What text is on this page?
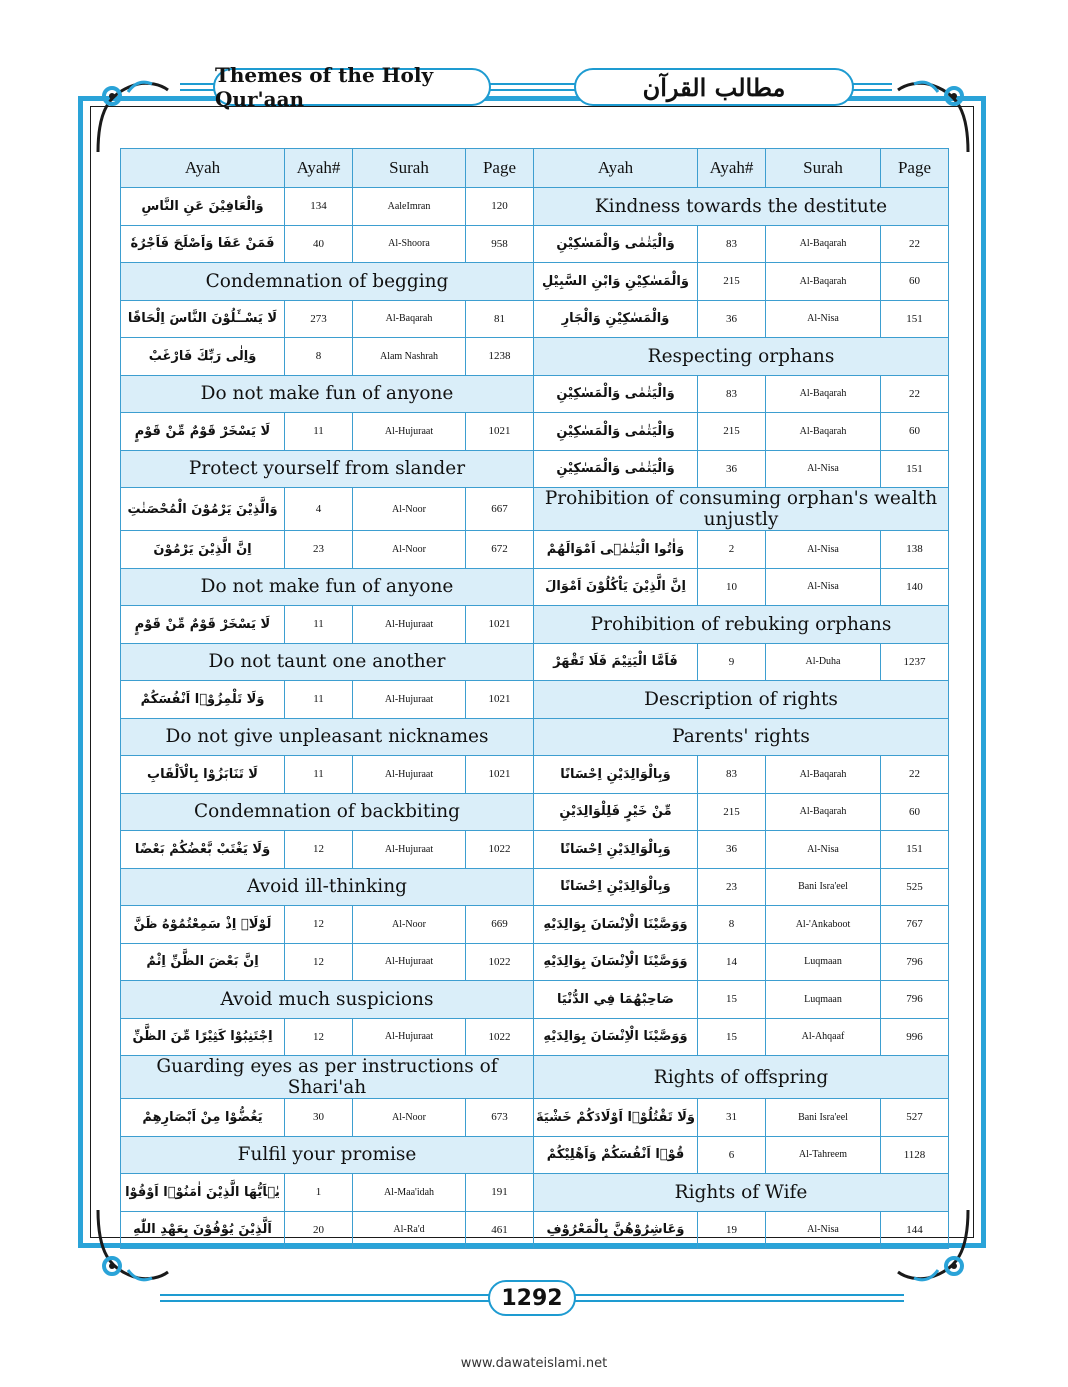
Themes of the Holy Qur'aan	مطالب القرآن
Ayah	Ayah#	Surah	Page	Ayah	Ayah#	Surah	Page
وَالْعَافِيْنَ عَنِ النَّاسِ	134	AaleImran	120	Kindness towards the destitute			
فَمَنْ عَفَا وَاَصْلَحَ فَاَجْرُهٗ	40	Al-Shoora	958	وَالْيَتٰمٰى وَالْمَسٰكِيْنِ	83	Al-Baqarah	22
Condemnation of begging				وَالْمَسٰكِيْنِ وَابْنِ السَّبِيْلِ	215	Al-Baqarah	60
لَا يَسْــَٔلُوْنَ النَّاسَ اِلْحَافًا	273	Al-Baqarah	81	وَالْمَسٰكِيْنِ وَالْجَارِ	36	Al-Nisa	151
وَاِلٰى رَبِّكَ فَارْغَبْ	8	Alam Nashrah	1238	Respecting orphans			
Do not make fun of anyone				وَالْيَتٰمٰى وَالْمَسٰكِيْنِ	83	Al-Baqarah	22
لَا يَسْخَرْ قَوْمٌ مِّنْ قَوْمٍ	11	Al-Hujuraat	1021	وَالْيَتٰمٰى وَالْمَسٰكِيْنِ	215	Al-Baqarah	60
Protect yourself from slander				وَالْيَتٰمٰى وَالْمَسٰكِيْنِ	36	Al-Nisa	151
وَالَّذِيْنَ يَرْمُوْنَ الْمُحْصَنٰتِ	4	Al-Noor	667	Prohibition of consuming orphan's wealth unjustly			
اِنَّ الَّذِيْنَ يَرْمُوْنَ	23	Al-Noor	672	وَاٰتُوا الْيَتٰمٰۤى اَمْوَالَهُمْ	2	Al-Nisa	138
Do not make fun of anyone				اِنَّ الَّذِيْنَ يَاْكُلُوْنَ اَمْوَالَ	10	Al-Nisa	140
لَا يَسْخَرْ قَوْمٌ مِّنْ قَوْمٍ	11	Al-Hujuraat	1021	Prohibition of rebuking orphans			
Do not taunt one another				فَاَمَّا الْيَتِيْمَ فَلَا تَقْهَرْ	9	Al-Duha	1237
وَلَا تَلْمِزُوْۤا اَنْفُسَكُمْ	11	Al-Hujuraat	1021	Description of rights			
Do not give unpleasant nicknames				Parents' rights			
لَا تَنَابَزُوْا بِالْاَلْقَابِ	11	Al-Hujuraat	1021	وَبِالْوَالِدَيْنِ اِحْسَانًا	83	Al-Baqarah	22
Condemnation of backbiting				مِّنْ خَيْرٍ فَلِلْوَالِدَيْنِ	215	Al-Baqarah	60
وَلَا يَغْتَبْ بَّعْضُكُمْ بَعْضًا	12	Al-Hujuraat	1022	وَبِالْوَالِدَيْنِ اِحْسَانًا	36	Al-Nisa	151
Avoid ill-thinking				وَبِالْوَالِدَيْنِ اِحْسَانًا	23	Bani Isra'eel	525
لَوْلَاۤ اِذْ سَمِعْتُمُوْهُ ظَنَّ	12	Al-Noor	669	وَوَصَّيْنَا الْاِنْسَانَ بِوَالِدَيْهِ	8	Al-'Ankaboot	767
اِنَّ بَعْضَ الظَّنِّ اِثْمٌ	12	Al-Hujuraat	1022	وَوَصَّيْنَا الْاِنْسَانَ بِوَالِدَيْهِ	14	Luqmaan	796
Avoid much suspicions				صَاحِبْهُمَا فِي الدُّنْيَا	15	Luqmaan	796
اِجْتَنِبُوْا كَثِيْرًا مِّنَ الظَّنِّ	12	Al-Hujuraat	1022	وَوَصَّيْنَا الْاِنْسَانَ بِوَالِدَيْهِ	15	Al-Ahqaaf	996
Guarding eyes as per instructions of Shari'ah				Rights of offspring			
يَغُضُّوْا مِنْ اَبْصَارِهِمْ	30	Al-Noor	673	وَلَا تَقْتُلُوْۤا اَوْلَادَكُمْ خَشْيَةَ	31	Bani Isra'eel	527
Fulfil your promise				قُوْۤا اَنْفُسَكُمْ وَاَهْلِيْكُمْ	6	Al-Tahreem	1128
يٰۤاَيُّهَا الَّذِيْنَ اٰمَنُوْۤا اَوْفُوْا	1	Al-Maa'idah	191	Rights of Wife			
اَلَّذِيْنَ يُوْفُوْنَ بِعَهْدِ اللّٰهِ	20	Al-Ra'd	461	وَعَاشِرُوْهُنَّ بِالْمَعْرُوْفِ	19	Al-Nisa	144
1292
www.dawateislami.net
